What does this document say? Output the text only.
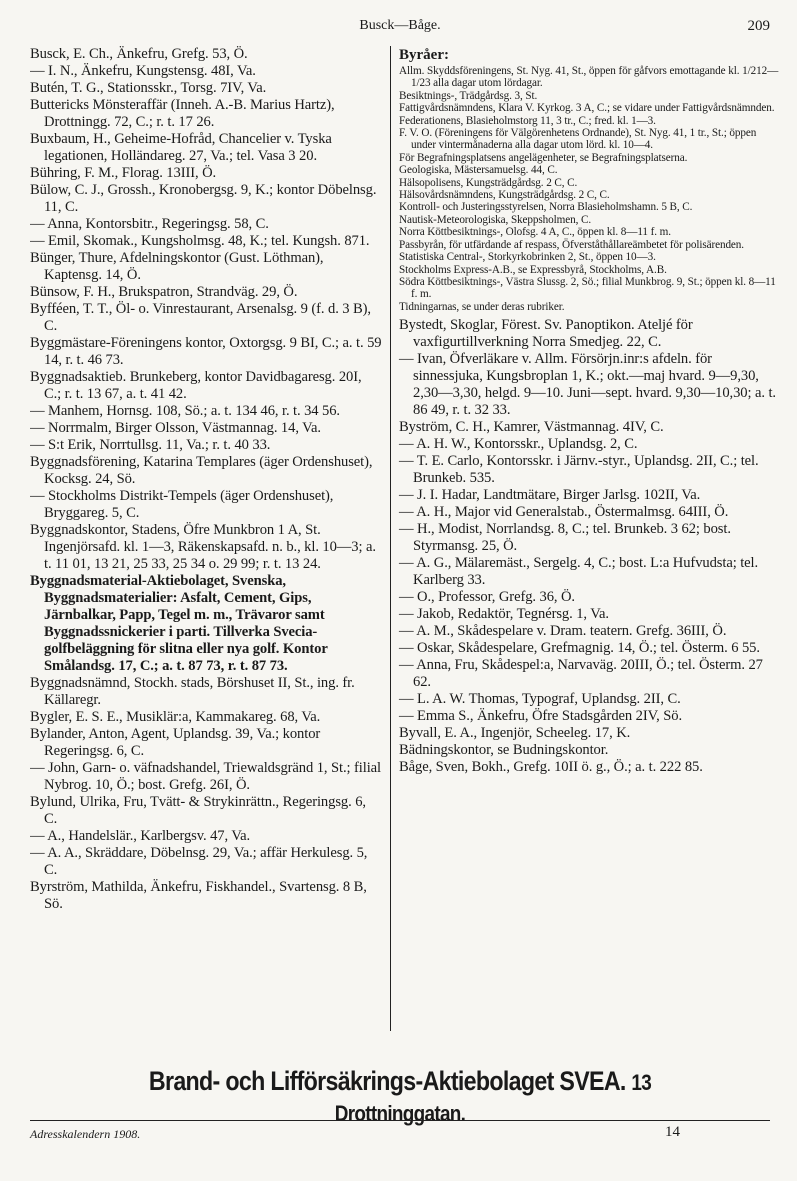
Busck—Båge.	209

Busck, E. Ch., Änkefru, Grefg. 53, Ö.

— I. N., Änkefru, Kungstensg. 48I, Va.

Butén, T. G., Stationsskr., Torsg. 7IV, Va.

Buttericks Mönsteraffär (Inneh. A.-B. Marius Hartz), Drottningg. 72, C.; r. t. 17 26.

Buxbaum, H., Geheime-Hofråd, Chancelier v. Tyska legationen, Holländareg. 27, Va.; tel. Vasa 3 20.

Bühring, F. M., Florag. 13III, Ö.

Bülow, C. J., Grossh., Kronobergsg. 9, K.; kontor Döbelnsg. 11, C.

— Anna, Kontorsbitr., Regeringsg. 58, C.

— Emil, Skomak., Kungsholmsg. 48, K.; tel. Kungsh. 871.

Bünger, Thure, Afdelningskontor (Gust. Löthman), Kaptensg. 14, Ö.

Bünsow, F. H., Brukspatron, Strandväg. 29, Ö.

Byfféen, T. T., Öl- o. Vinrestaurant, Arsenalsg. 9 (f. d. 3 B), C.

Byggmästare-Föreningens kontor, Oxtorgsg. 9 BI, C.; a. t. 59 14, r. t. 46 73.

Byggnadsaktieb. Brunkeberg, kontor Davidbagaresg. 20I, C.; r. t. 13 67, a. t. 41 42.

— Manhem, Hornsg. 108, Sö.; a. t. 134 46, r. t. 34 56.

— Norrmalm, Birger Olsson, Västmannag. 14, Va.

— S:t Erik, Norrtullsg. 11, Va.; r. t. 40 33.

Byggnadsförening, Katarina Templares (äger Ordenshuset), Kocksg. 24, Sö.

— Stockholms Distrikt-Tempels (äger Ordenshuset), Bryggareg. 5, C.

Byggnadskontor, Stadens, Öfre Munkbron 1 A, St. Ingenjörsafd. kl. 1—3, Räkenskapsafd. n. b., kl. 10—3; a. t. 11 01, 13 21, 25 33, 25 34 o. 29 99; r. t. 13 24.

Byggnadsmaterial-Aktiebolaget, Svenska, Byggnadsmaterialier: Asfalt, Cement, Gips, Järnbalkar, Papp, Tegel m. m., Trävaror samt Byggnadssnickerier i parti. Tillverka Svecia-golfbeläggning för slitna eller nya golf. Kontor Smålandsg. 17, C.; a. t. 87 73, r. t. 87 73.

Byggnadsnämnd, Stockh. stads, Börshuset II, St., ing. fr. Källaregr.

Bygler, E. S. E., Musiklär:a, Kammakareg. 68, Va.

Bylander, Anton, Agent, Uplandsg. 39, Va.; kontor Regeringsg. 6, C.

— John, Garn- o. väfnadshandel, Triewaldsgränd 1, St.; filial Nybrog. 10, Ö.; bost. Grefg. 26I, Ö.

Bylund, Ulrika, Fru, Tvätt- & Strykinrättn., Regeringsg. 6, C.

— A., Handelslär., Karlbergsv. 47, Va.

— A. A., Skräddare, Döbelnsg. 29, Va.; affär Herkulesg. 5, C.

Byrström, Mathilda, Änkefru, Fiskhandel., Svartensg. 8 B, Sö.

Byråer:

Allm. Skyddsföreningens, St. Nyg. 41, St., öppen för gåfvors emottagande kl. 1/212—1/23 alla dagar utom lördagar.

Besiktnings-, Trädgårdsg. 3, St.

Fattigvårdsnämndens, Klara V. Kyrkog. 3 A, C.; se vidare under Fattigvårdsnämnden.

Federationens, Blasieholmstorg 11, 3 tr., C.; fred. kl. 1—3.

F. V. O. (Föreningens för Välgörenhetens Ordnande), St. Nyg. 41, 1 tr., St.; öppen under vintermånaderna alla dagar utom lörd. kl. 10—4.

För Begrafningsplatsens angelägenheter, se Begrafningsplatserna.

Geologiska, Mästersamuelsg. 44, C.

Hälsopolisens, Kungsträdgårdsg. 2 C, C.

Hälsovårdsnämndens, Kungsträdgårdsg. 2 C, C.

Kontroll- och Justeringsstyrelsen, Norra Blasieholmshamn. 5 B, C.

Nautisk-Meteorologiska, Skeppsholmen, C.

Norra Köttbesiktnings-, Olofsg. 4 A, C., öppen kl. 8—11 f. m.

Passbyrån, för utfärdande af respass, Öfverståthållareämbetet för polisärenden.

Statistiska Central-, Storkyrkobrinken 2, St., öppen 10—3.

Stockholms Express-A.B., se Expressbyrå, Stockholms, A.B.

Södra Köttbesiktnings-, Västra Slussg. 2, Sö.; filial Munkbrog. 9, St.; öppen kl. 8—11 f. m.

Tidningarnas, se under deras rubriker.

Bystedt, Skoglar, Förest. Sv. Panoptikon. Ateljé för vaxfigurtillverkning Norra Smedjeg. 22, C.

— Ivan, Öfverläkare v. Allm. Försörjn.inr:s afdeln. för sinnessjuka, Kungsbroplan 1, K.; okt.—maj hvard. 9—9,30, 2,30—3,30, helgd. 9—10. Juni—sept. hvard. 9,30—10,30; a. t. 86 49, r. t. 32 33.

Byström, C. H., Kamrer, Västmannag. 4IV, C.

— A. H. W., Kontorsskr., Uplandsg. 2, C.

— T. E. Carlo, Kontorsskr. i Järnv.-styr., Uplandsg. 2II, C.; tel. Brunkeb. 535.

— J. I. Hadar, Landtmätare, Birger Jarlsg. 102II, Va.

— A. H., Major vid Generalstab., Östermalmsg. 64III, Ö.

— H., Modist, Norrlandsg. 8, C.; tel. Brunkeb. 3 62; bost. Styrmansg. 25, Ö.

— A. G., Mälaremäst., Sergelg. 4, C.; bost. L:a Hufvudsta; tel. Karlberg 33.

— O., Professor, Grefg. 36, Ö.

— Jakob, Redaktör, Tegnérsg. 1, Va.

— A. M., Skådespelare v. Dram. teatern. Grefg. 36III, Ö.

— Oskar, Skådespelare, Grefmagnig. 14, Ö.; tel. Österm. 6 55.

— Anna, Fru, Skådespel:a, Narvaväg. 20III, Ö.; tel. Österm. 27 62.

— L. A. W. Thomas, Typograf, Uplandsg. 2II, C.

— Emma S., Änkefru, Öfre Stadsgården 2IV, Sö.

Byvall, E. A., Ingenjör, Scheeleg. 17, K.

Bädningskontor, se Budningskontor.

Båge, Sven, Bokh., Grefg. 10II ö. g., Ö.; a. t. 222 85.

Brand- och Lifförsäkrings-Aktiebolaget SVEA. 13 Drottninggatan.
Adresskalendern 1908.	14
